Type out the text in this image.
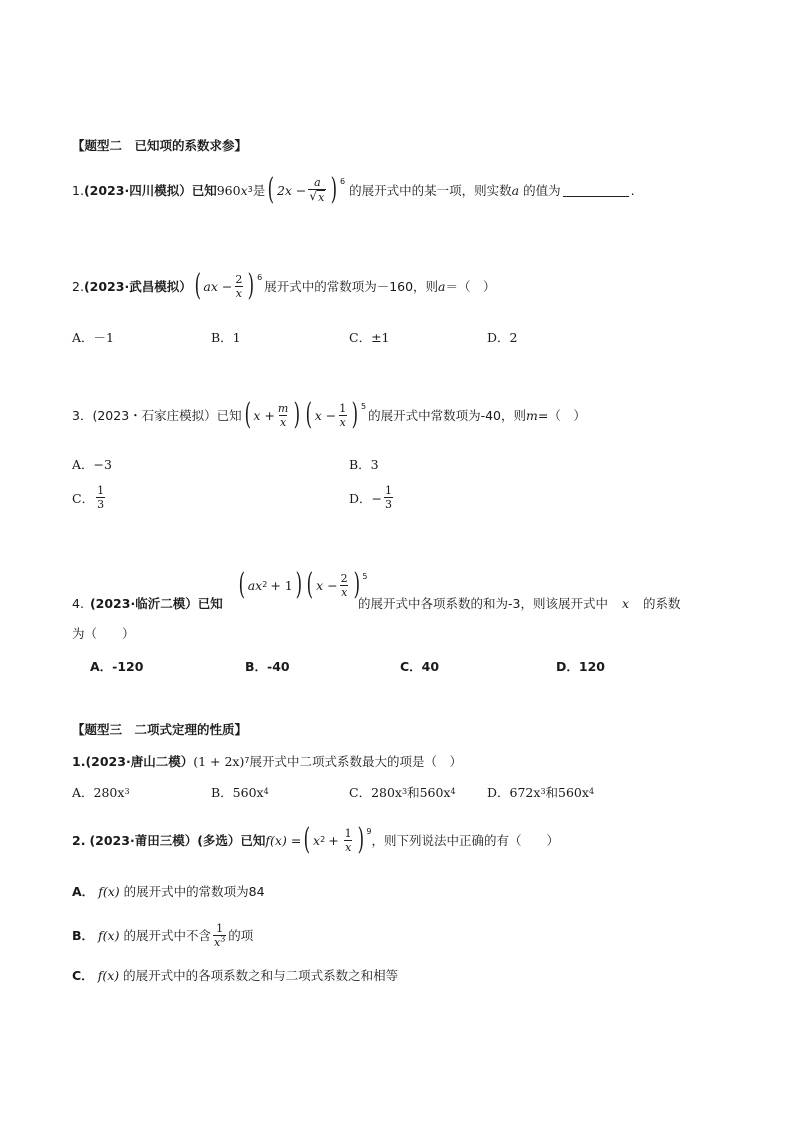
【题型二　已知项的系数求参】
1. (2023·四川模拟）已知 960 x 3 是 ( $2x - \frac{a}{√ x}$ ) $^6$
的展开式中的某一项，则实数 a 的值为	.
2. (2023·武昌模拟） ( ax − $\frac{2}{x}$ ) $^6$
展开式中的常数项为－160，则 a ＝（　）
A．－1	B．1	C．±1	D．2
3． (2023・石家庄模拟）已知 ( $x + \frac{m}{x}$ ) ( $x - \frac{1}{x}$ ) $^5$
的展开式中常数项为-40，则 m =（　）
A．−3	B．3
C． $\frac{1}{3}$	D．− $\frac{1}{3}$
( ax 2 + 1 ) ( $x - \frac{2}{x}$ ) $^5$
4. (2023·临沂二模）已知	的展开式中各项系数的和为-3，则该展开式中 x 的系数
为（　　）
A．-120	B．-40	C．40	D．120
【题型三　二项式定理的性质】
1. (2023·唐山二模） (1 + 2x) 7 展开式中二项式系数最大的项是（　）
A．280x 3	B．560x 4	C．280x 3 和560x 4	D．672x 3 和560x 4
2. (2023·莆田三模）(多选）已知 f(x) = ( x $2 + \frac{1}{x}$ ) $^9$
，则下列说法中正确的有（　　）
A． f(x) 的展开式中的常数项为84
B． f(x) 的展开式中不含 $\frac{1}{x^3}$ 的项
C． f(x) 的展开式中的各项系数之和与二项式系数之和相等
